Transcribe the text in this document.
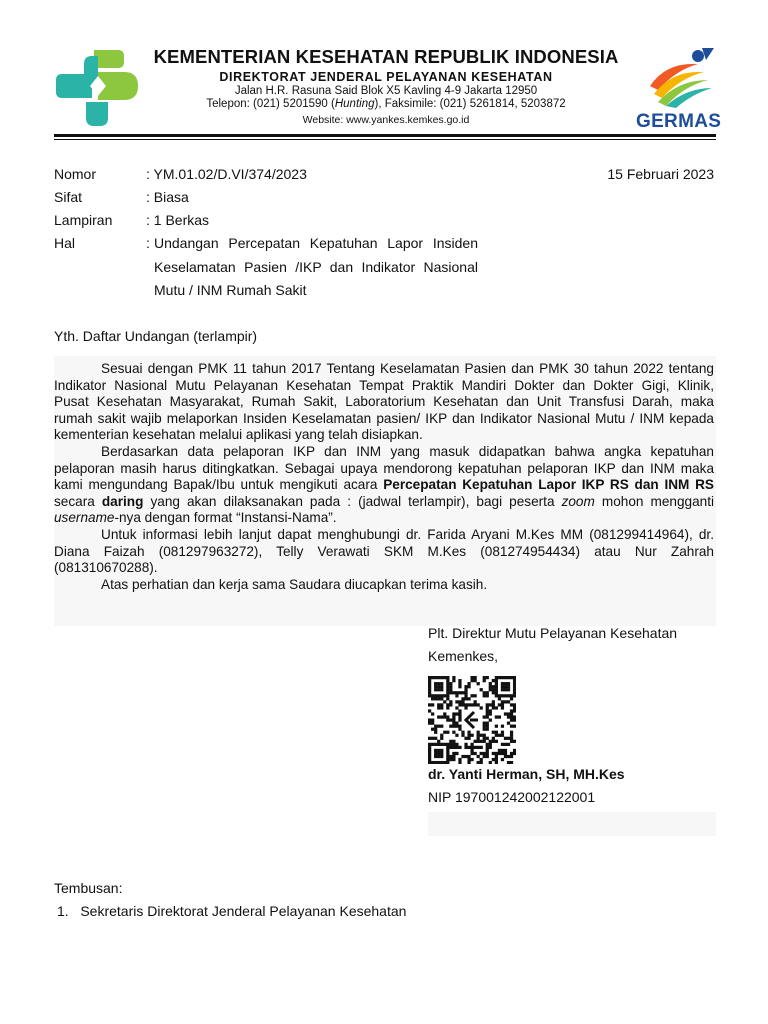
KEMENTERIAN KESEHATAN REPUBLIK INDONESIA
DIREKTORAT JENDERAL PELAYANAN KESEHATAN
Jalan H.R. Rasuna Said Blok X5 Kavling 4-9 Jakarta 12950
Telepon: (021) 5201590 (Hunting), Faksimile: (021) 5261814, 5203872
Website: www.yankes.kemkes.go.id	GERMAS
Nomor	: YM.01.02/D.VI/374/2023	15 Februari 2023
Sifat	: Biasa
Lampiran	: 1 Berkas
Hal	: Undangan Percepatan Kepatuhan Lapor Insiden
Keselamatan Pasien /IKP dan Indikator Nasional
Mutu / INM Rumah Sakit
Yth. Daftar Undangan (terlampir)
Sesuai dengan PMK 11 tahun 2017 Tentang Keselamatan Pasien dan PMK 30 tahun 2022 tentang
Indikator Nasional Mutu Pelayanan Kesehatan Tempat Praktik Mandiri Dokter dan Dokter Gigi, Klinik,
Pusat Kesehatan Masyarakat, Rumah Sakit, Laboratorium Kesehatan dan Unit Transfusi Darah, maka
rumah sakit wajib melaporkan Insiden Keselamatan pasien/ IKP dan Indikator Nasional Mutu / INM kepada
kementerian kesehatan melalui aplikasi yang telah disiapkan.
Berdasarkan data pelaporan IKP dan INM yang masuk didapatkan bahwa angka kepatuhan
pelaporan masih harus ditingkatkan. Sebagai upaya mendorong kepatuhan pelaporan IKP dan INM maka
kami mengundang Bapak/Ibu untuk mengikuti acara Percepatan Kepatuhan Lapor IKP RS dan INM RS
secara daring yang akan dilaksanakan pada : (jadwal terlampir), bagi peserta zoom mohon mengganti
username-nya dengan format “Instansi-Nama”.
Untuk informasi lebih lanjut dapat menghubungi dr. Farida Aryani M.Kes MM (081299414964), dr.
Diana Faizah (081297963272), Telly Verawati SKM M.Kes (081274954434) atau Nur Zahrah
(081310670288).
Atas perhatian dan kerja sama Saudara diucapkan terima kasih.
Plt. Direktur Mutu Pelayanan Kesehatan
Kemenkes,
dr. Yanti Herman, SH, MH.Kes
NIP 197001242002122001
Tembusan:
1.   Sekretaris Direktorat Jenderal Pelayanan Kesehatan
